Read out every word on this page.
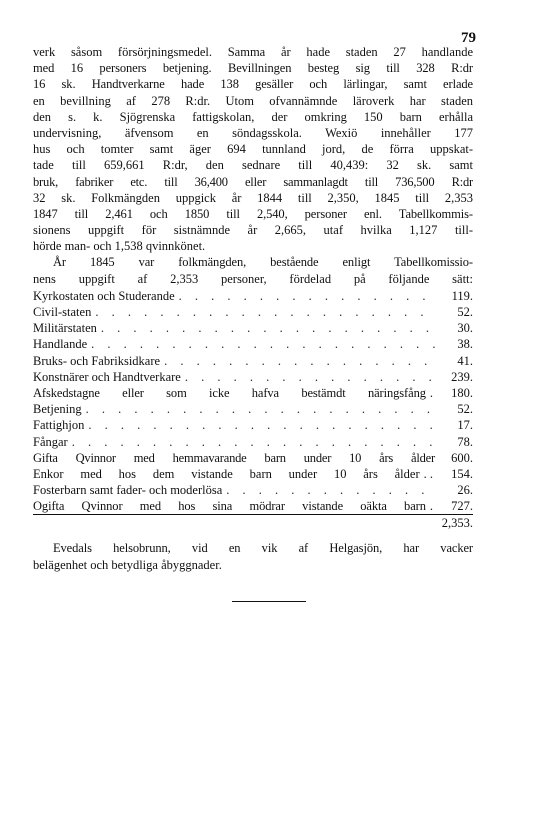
79
verk såsom försörjningsmedel. Samma år hade staden 27 handlande
med 16 personers betjening. Bevillningen besteg sig till 328 R:dr
16 sk. Handtverkarne hade 138 gesäller och lärlingar, samt erlade
en bevillning af 278 R:dr. Utom ofvannämnde läroverk har staden
den s. k. Sjögrenska fattigskolan, der omkring 150 barn erhålla
undervisning, äfvensom en söndagsskola. Wexiö innehåller 177
hus och tomter samt äger 694 tunnland jord, de förra uppskat-
tade till 659,661 R:dr, den sednare till 40,439: 32 sk. samt
bruk, fabriker etc. till 36,400 eller sammanlagdt till 736,500 R:dr
32 sk. Folkmängden uppgick år 1844 till 2,350, 1845 till 2,353
1847 till 2,461 och 1850 till 2,540, personer enl. Tabellkommis-
sionens uppgift för sistnämnde år 2,665, utaf hvilka 1,127 till-
hörde man- och 1,538 qvinnkönet.
År 1845 var folkmängden, bestående enligt Tabellkomissio-
nens uppgift af 2,353 personer, fördelad på följande sätt:
Kyrkostaten och Studerande . . .	119.
Civil-staten . . .	52.
Militärstaten . . .	30.
Handlande . . .	38.
Bruks- och Fabriksidkare . . .	41.
Konstnärer och Handtverkare . . .	239.
Afskedstagne eller som icke hafva bestämdt näringsfång .	180.
Betjening . . .	52.
Fattighjon . . .	17.
Fångar . . .	78.
Gifta Qvinnor med hemmavarande barn under 10 års ålder	600.
Enkor med hos dem vistande barn under 10 års ålder . .	154.
Fosterbarn samt fader- och moderlösa . . .	26.
Ogifta Qvinnor med hos sina mödrar vistande oäkta barn .	727.
2,353.
Evedals helsobrunn, vid en vik af Helgasjön, har vacker
belägenhet och betydliga åbyggnader.
